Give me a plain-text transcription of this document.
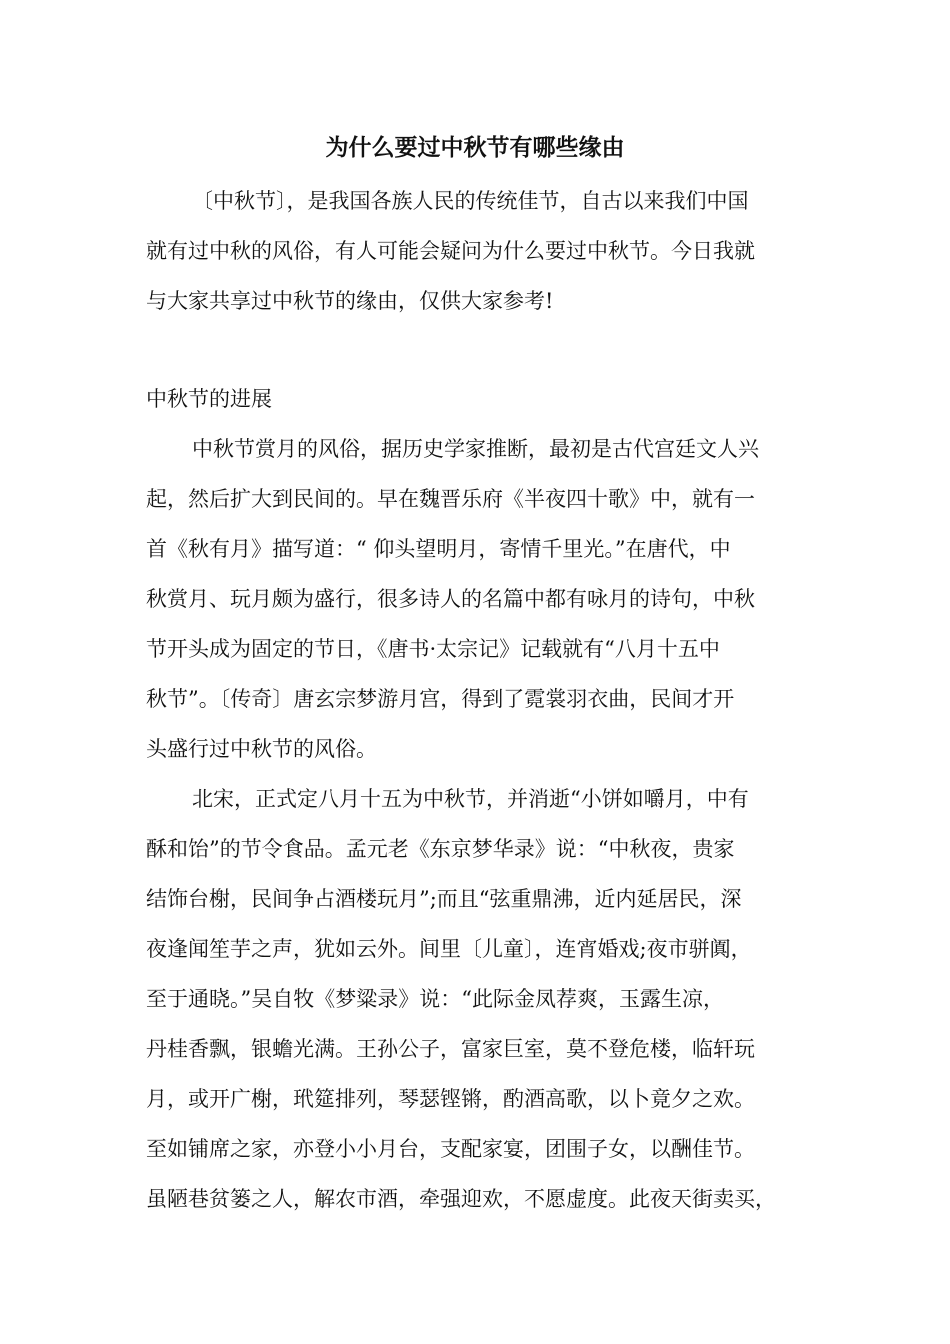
为什么要过中秋节有哪些缘由

〔中秋节〕，是我国各族人民的传统佳节，自古以来我们中国

就有过中秋的风俗，有人可能会疑问为什么要过中秋节。今日我就

与大家共享过中秋节的缘由，仅供大家参考!

中秋节的进展

中秋节赏月的风俗，据历史学家推断，最初是古代宫廷文人兴

起，然后扩大到民间的。早在魏晋乐府《半夜四十歌》中，就有一

首《秋有月》描写道：“ 仰头望明月，寄情千里光。”在唐代，中

秋赏月、玩月颇为盛行，很多诗人的名篇中都有咏月的诗句，中秋

节开头成为固定的节日，《唐书·太宗记》记载就有“八月十五中

秋节”。〔传奇〕唐玄宗梦游月宫，得到了霓裳羽衣曲，民间才开

头盛行过中秋节的风俗。

北宋，正式定八月十五为中秋节，并消逝“小饼如嚼月，中有

酥和饴”的节令食品。孟元老《东京梦华录》说：“中秋夜，贵家

结饰台榭，民间争占酒楼玩月”;而且“弦重鼎沸，近内延居民，深

夜逢闻笙芋之声，犹如云外。间里〔儿童〕，连宵婚戏;夜市骈阗，

至于通晓。”吴自牧《梦粱录》说：“此际金凤荐爽，玉露生凉，

丹桂香飘，银蟾光满。王孙公子，富家巨室，莫不登危楼，临轩玩

月，或开广榭，玳筵排列，琴瑟铿锵，酌酒高歌，以卜竟夕之欢。

至如铺席之家，亦登小小月台，支配家宴，团围子女，以酬佳节。

虽陋巷贫篓之人，解农市酒，牵强迎欢，不愿虚度。此夜天街卖买，
